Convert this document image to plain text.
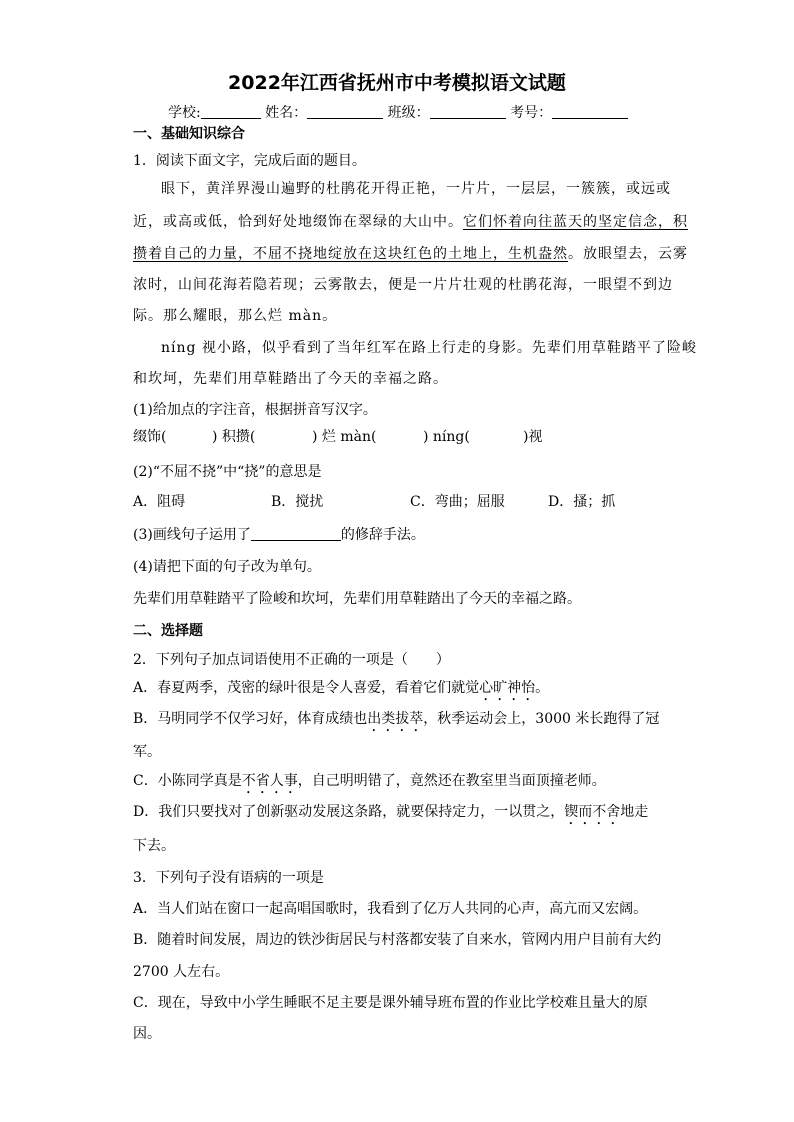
2022年江西省抚州市中考模拟语文试题
学校:	姓名：	班级：	考号：
一、基础知识综合
1．阅读下面文字，完成后面的题目。
眼下，黄洋界漫山遍野的杜鹃花开得正艳，一片片，一层层，一簇簇，或远或
近，或高或低，恰到好处地缀饰在翠绿的大山中。它们怀着向往蓝天的坚定信念，积
攒着自己的力量，不屈不挠地绽放在这块红色的土地上，生机盎然。放眼望去，云雾
浓时，山间花海若隐若现；云雾散去，便是一片片壮观的杜鹃花海，一眼望不到边
际。那么耀眼，那么烂 màn。
níng 视小路，似乎看到了当年红军在路上行走的身影。先辈们用草鞋踏平了险峻
和坎坷，先辈们用草鞋踏出了今天的幸福之路。
(1)给加点的字注音，根据拼音写汉字。
缀饰(	) 积攒(	) 烂 màn(	) níng(	)视
(2)“不屈不挠”中“挠”的意思是
A．阻碍	B．搅扰	C．弯曲；屈服	D．搔；抓
(3)画线句子运用了	的修辞手法。
(4)请把下面的句子改为单句。
先辈们用草鞋踏平了险峻和坎坷，先辈们用草鞋踏出了今天的幸福之路。
二、选择题
2．下列句子加点词语使用不正确的一项是（　　）
A．春夏两季，茂密的绿叶很是令人喜爱，看着它们就觉心旷神怡。
B．马明同学不仅学习好，体育成绩也出类拔萃，秋季运动会上，3000 米长跑得了冠
军。
C．小陈同学真是不省人事，自己明明错了，竟然还在教室里当面顶撞老师。
D．我们只要找对了创新驱动发展这条路，就要保持定力，一以贯之，锲而不舍地走
下去。
3．下列句子没有语病的一项是
A．当人们站在窗口一起高唱国歌时，我看到了亿万人共同的心声，高亢而又宏阔。
B．随着时间发展，周边的铁沙街居民与村落都安装了自来水，管网内用户目前有大约
2700 人左右。
C．现在，导致中小学生睡眠不足主要是课外辅导班布置的作业比学校难且量大的原
因。
